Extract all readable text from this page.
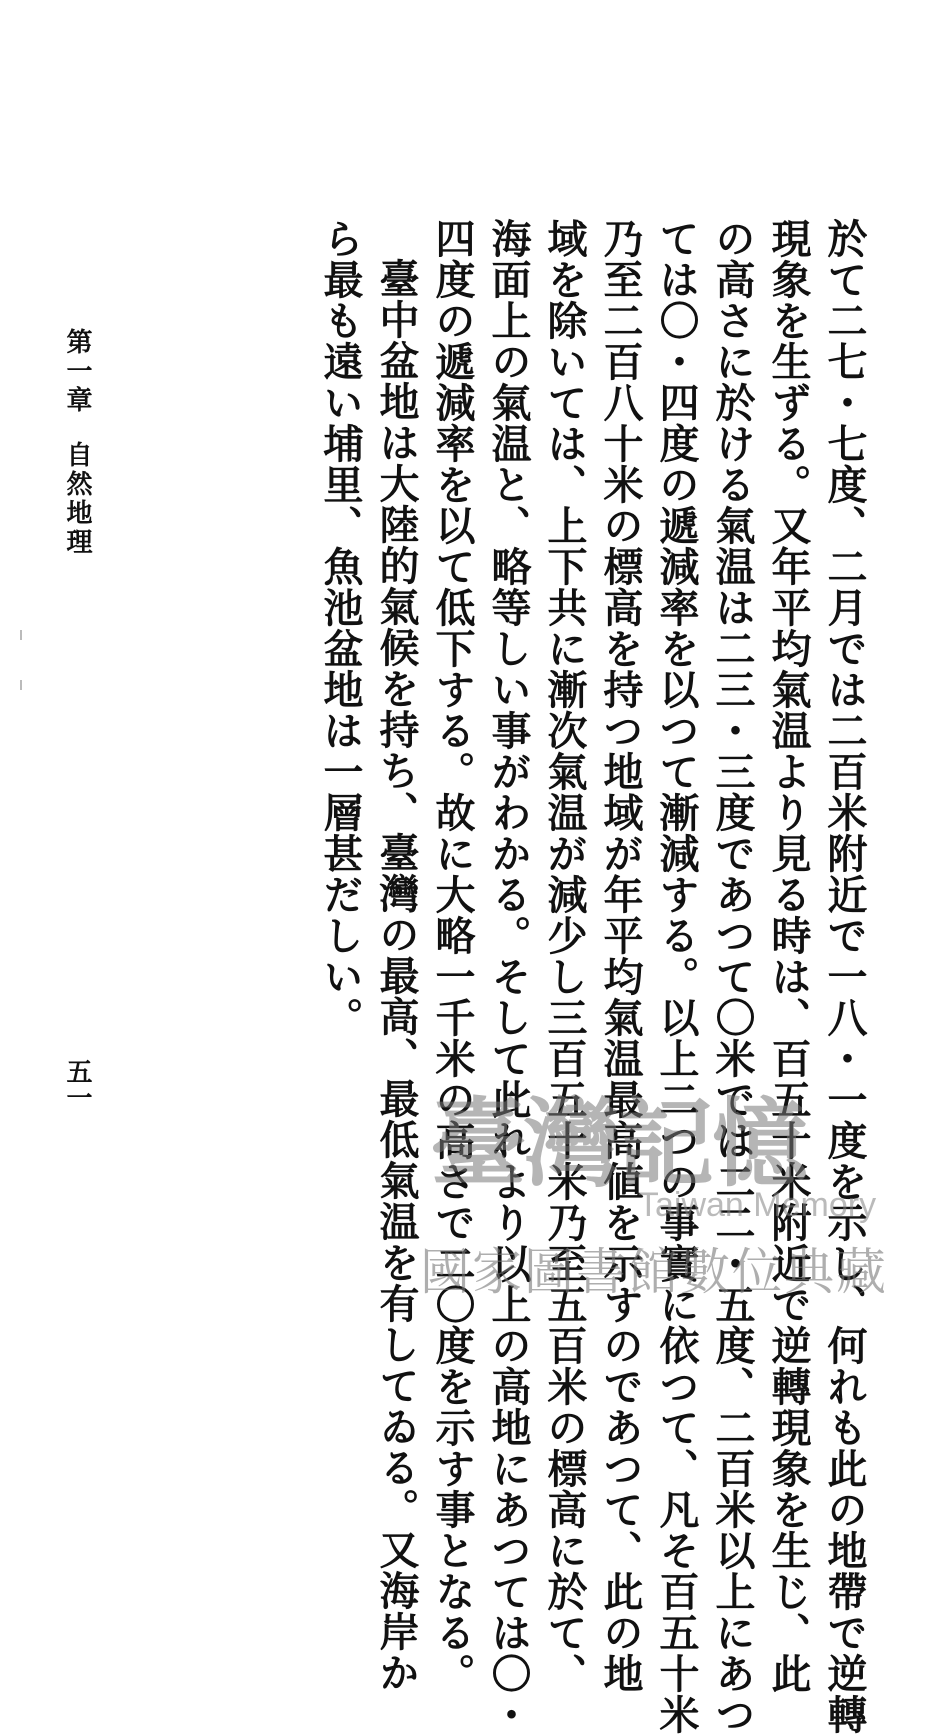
第一章自然地理
五一	於て二七・七度、二月では二百米附近で一八・一度を示し、何れも此の地帶で逆轉
現象を生ずる。又年平均氣温より見る時は、百五十米附近で逆轉現象を生じ、此
の高さに於ける氣温は二三・三度であつて〇米では二二・五度、二百米以上にあつ
ては〇・四度の遞減率を以つて漸減する。以上二つの事實に依つて、凡そ百五十米
乃至二百八十米の標高を持つ地域が年平均氣温最高値を示すのであつて、此の地
域を除いては、上下共に漸次氣温が減少し三百五十米乃至五百米の標高に於て、
海面上の氣温と、略等しい事がわかる。そして此れより以上の高地にあつては〇・
四度の遞減率を以て低下する。故に大略一千米の高さで二〇度を示す事となる。
臺中盆地は大陸的氣候を持ち、臺灣の最高、最低氣温を有してゐる。又海岸か
ら最も遠い埔里、魚池盆地は一層甚だしい。
臺灣記憶
Taiwan Memory
國家圖書館數位典藏
